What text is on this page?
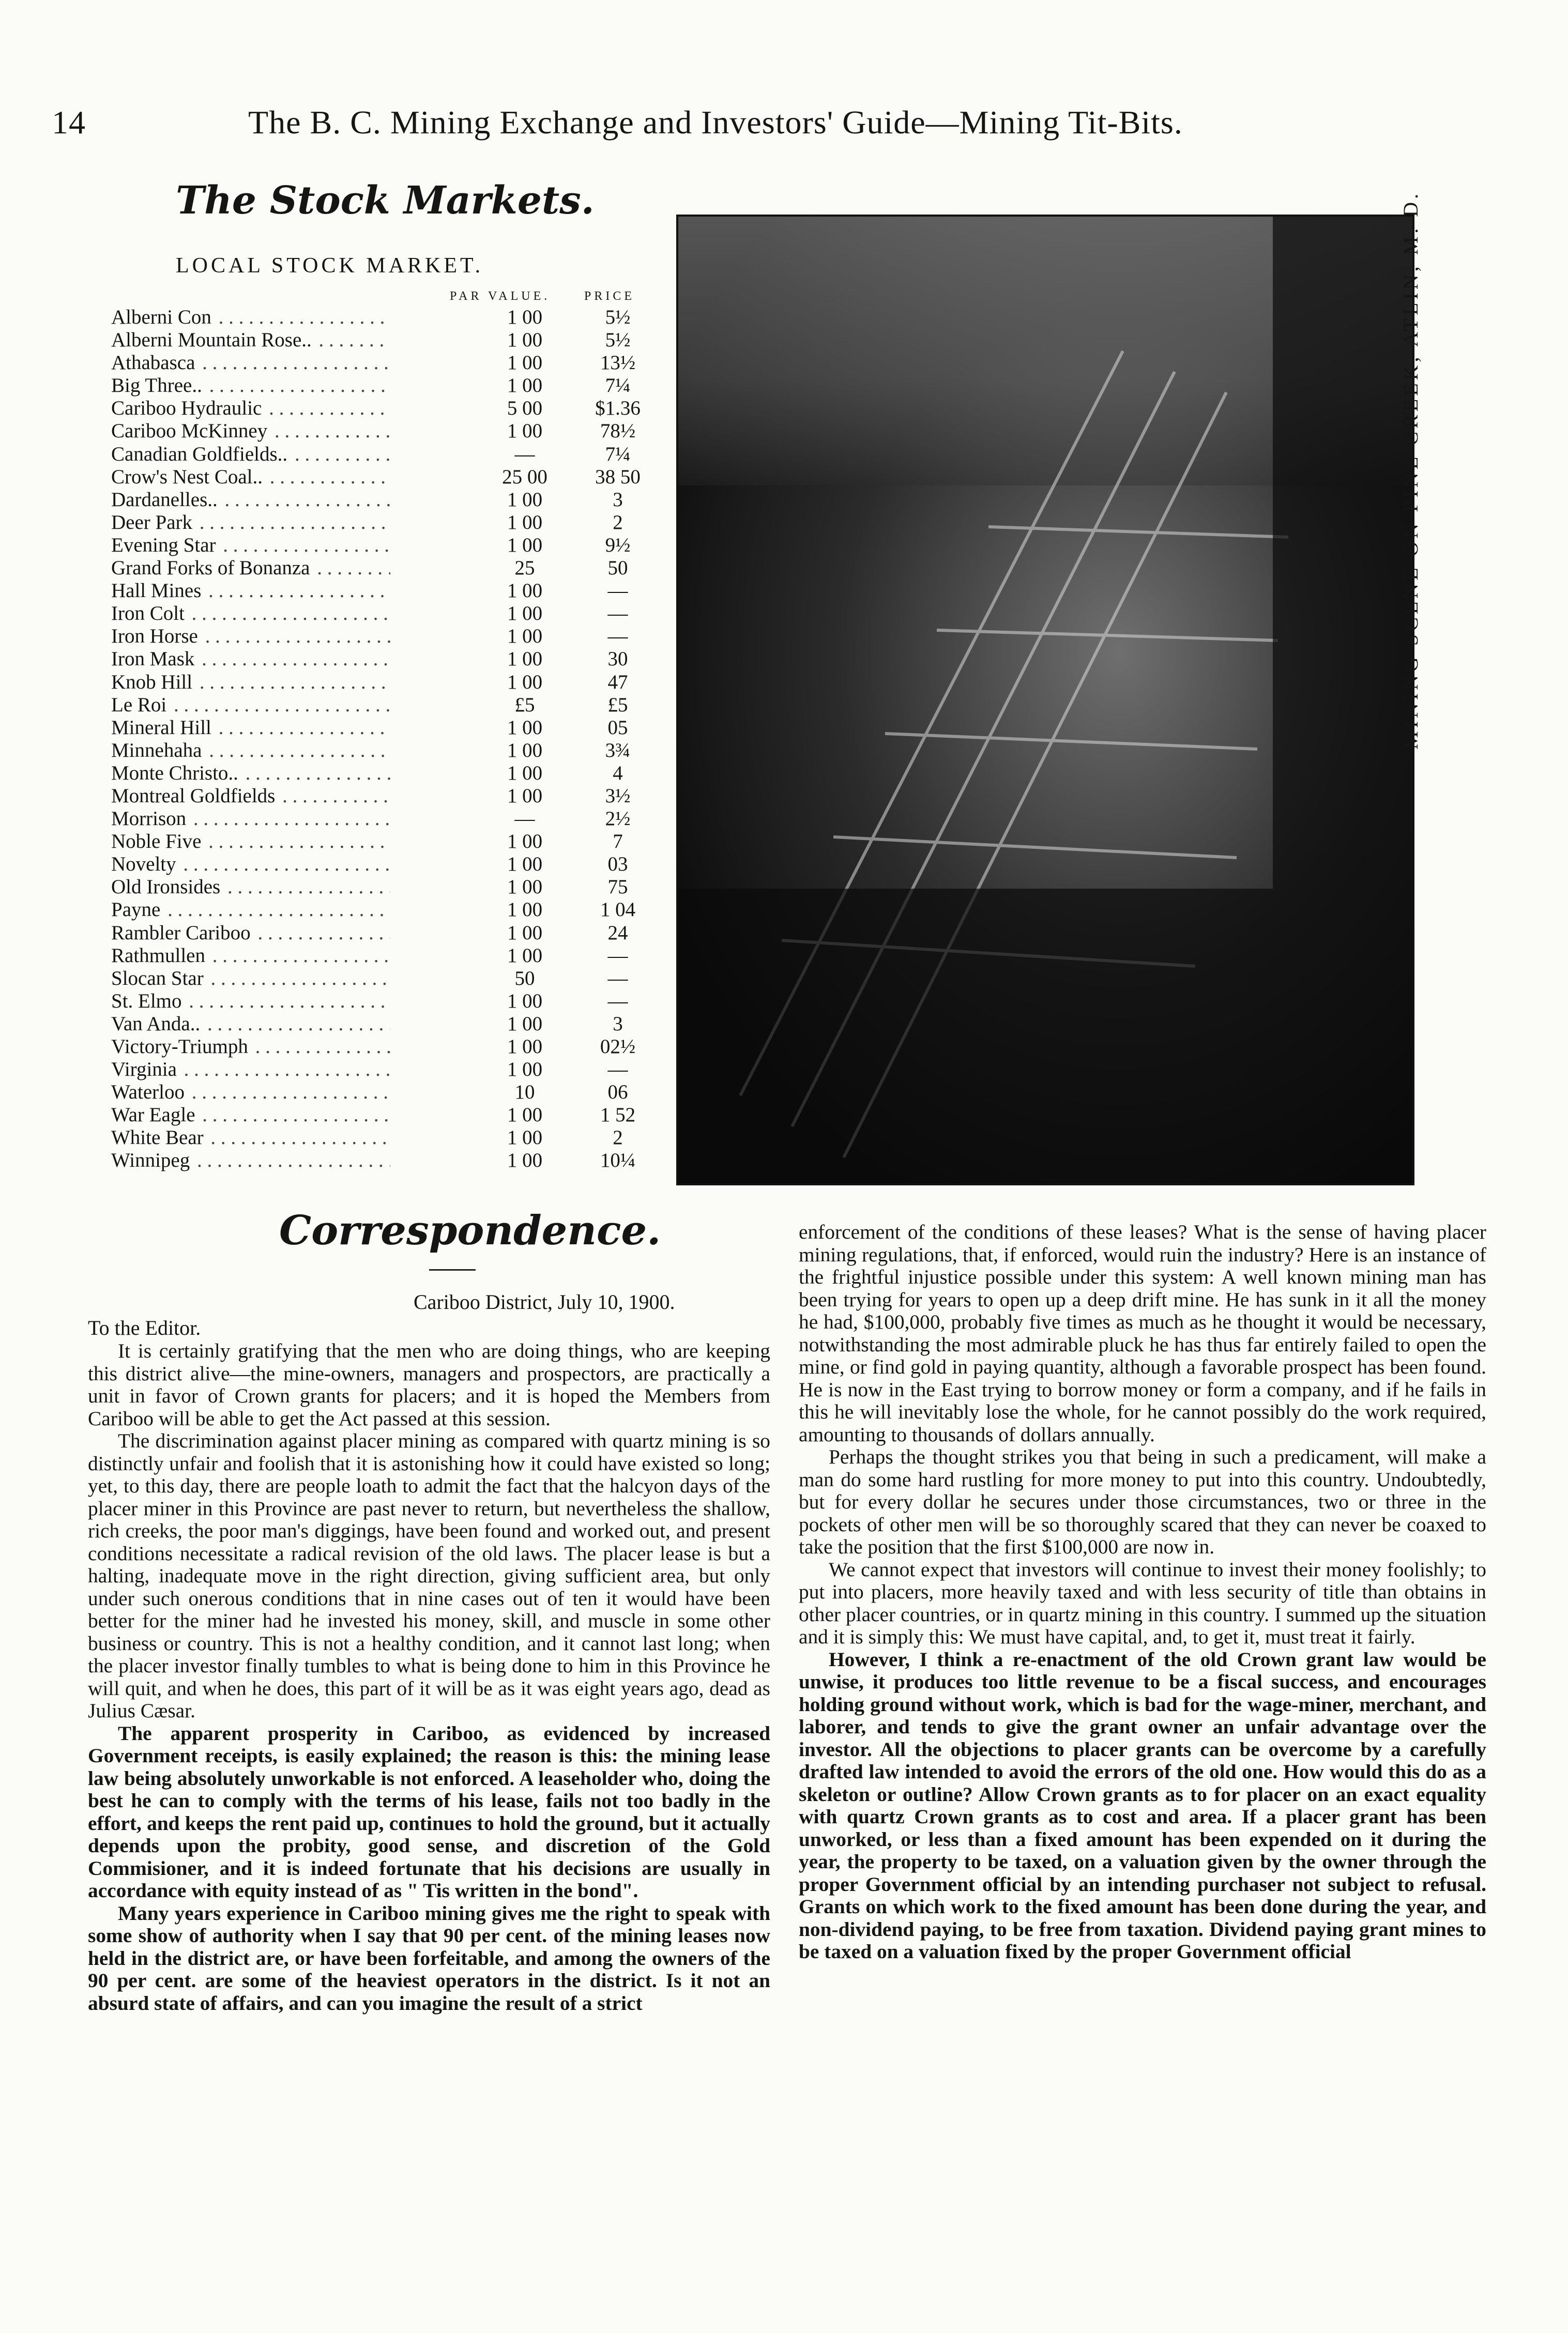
14	The B. C. Mining Exchange and Investors' Guide—Mining Tit-Bits.
The Stock Markets.
LOCAL STOCK MARKET.
PAR VALUE.	PRICE
Alberni Con . . .	1 00	5½
Alberni Mountain Rose.. . . .	1 00	5½
Athabasca . . .	1 00	13½
Big Three.. . . .	1 00	7¼
Cariboo Hydraulic . . .	5 00	$1.36
Cariboo McKinney . . .	1 00	78½
Canadian Goldfields.. . . .	—	7¼
Crow's Nest Coal.. . . .	25 00	38 50
Dardanelles.. . . .	1 00	3
Deer Park . . .	1 00	2
Evening Star . . .	1 00	9½
Grand Forks of Bonanza . . .	25	50
Hall Mines . . .	1 00	—
Iron Colt . . .	1 00	—
Iron Horse . . .	1 00	—
Iron Mask . . .	1 00	30
Knob Hill . . .	1 00	47
Le Roi . . .	£5	£5
Mineral Hill . . .	1 00	05
Minnehaha . . .	1 00	3¾
Monte Christo.. . . .	1 00	4
Montreal Goldfields . . .	1 00	3½
Morrison . . .	—	2½
Noble Five . . .	1 00	7
Novelty . . .	1 00	03
Old Ironsides . . .	1 00	75
Payne . . .	1 00	1 04
Rambler Cariboo . . .	1 00	24
Rathmullen . . .	1 00	—
Slocan Star . . .	50	—
St. Elmo . . .	1 00	—
Van Anda.. . . .	1 00	3
Victory-Triumph . . .	1 00	02½
Virginia . . .	1 00	—
Waterloo . . .	10	06
War Eagle . . .	1 00	1 52
White Bear . . .	1 00	2
Winnipeg . . .	1 00	10¼
MINING SCENE ON PINE CREEK, ATLIN, M. D.
Correspondence.
Cariboo District, July 10, 1900.
To the Editor.

It is certainly gratifying that the men who are doing things, who are keeping this district alive—the mine-owners, managers and prospectors, are practically a unit in favor of Crown grants for placers; and it is hoped the Members from Cariboo will be able to get the Act passed at this session.

The discrimination against placer mining as compared with quartz mining is so distinctly unfair and foolish that it is astonishing how it could have existed so long; yet, to this day, there are people loath to admit the fact that the halcyon days of the placer miner in this Province are past never to return, but nevertheless the shallow, rich creeks, the poor man's diggings, have been found and worked out, and present conditions necessitate a radical revision of the old laws. The placer lease is but a halting, inadequate move in the right direction, giving sufficient area, but only under such onerous conditions that in nine cases out of ten it would have been better for the miner had he invested his money, skill, and muscle in some other business or country. This is not a healthy condition, and it cannot last long; when the placer investor finally tumbles to what is being done to him in this Province he will quit, and when he does, this part of it will be as it was eight years ago, dead as Julius Cæsar.

The apparent prosperity in Cariboo, as evidenced by increased Government receipts, is easily explained; the reason is this: the mining lease law being absolutely unworkable is not enforced. A leaseholder who, doing the best he can to comply with the terms of his lease, fails not too badly in the effort, and keeps the rent paid up, continues to hold the ground, but it actually depends upon the probity, good sense, and discretion of the Gold Commisioner, and it is indeed fortunate that his decisions are usually in accordance with equity instead of as " Tis written in the bond".

Many years experience in Cariboo mining gives me the right to speak with some show of authority when I say that 90 per cent. of the mining leases now held in the district are, or have been forfeitable, and among the owners of the 90 per cent. are some of the heaviest operators in the district. Is it not an absurd state of affairs, and can you imagine the result of a strict

enforcement of the conditions of these leases? What is the sense of having placer mining regulations, that, if enforced, would ruin the industry? Here is an instance of the frightful injustice possible under this system: A well known mining man has been trying for years to open up a deep drift mine. He has sunk in it all the money he had, $100,000, probably five times as much as he thought it would be necessary, notwithstanding the most admirable pluck he has thus far entirely failed to open the mine, or find gold in paying quantity, although a favorable prospect has been found. He is now in the East trying to borrow money or form a company, and if he fails in this he will inevitably lose the whole, for he cannot possibly do the work required, amounting to thousands of dollars annually.

Perhaps the thought strikes you that being in such a predicament, will make a man do some hard rustling for more money to put into this country. Undoubtedly, but for every dollar he secures under those circumstances, two or three in the pockets of other men will be so thoroughly scared that they can never be coaxed to take the position that the first $100,000 are now in.

We cannot expect that investors will continue to invest their money foolishly; to put into placers, more heavily taxed and with less security of title than obtains in other placer countries, or in quartz mining in this country. I summed up the situation and it is simply this: We must have capital, and, to get it, must treat it fairly.

However, I think a re-enactment of the old Crown grant law would be unwise, it produces too little revenue to be a fiscal success, and encourages holding ground without work, which is bad for the wage-miner, merchant, and laborer, and tends to give the grant owner an unfair advantage over the investor. All the objections to placer grants can be overcome by a carefully drafted law intended to avoid the errors of the old one. How would this do as a skeleton or outline? Allow Crown grants as to for placer on an exact equality with quartz Crown grants as to cost and area. If a placer grant has been unworked, or less than a fixed amount has been expended on it during the year, the property to be taxed, on a valuation given by the owner through the proper Government official by an intending purchaser not subject to refusal. Grants on which work to the fixed amount has been done during the year, and non-dividend paying, to be free from taxation. Dividend paying grant mines to be taxed on a valuation fixed by the proper Government official
